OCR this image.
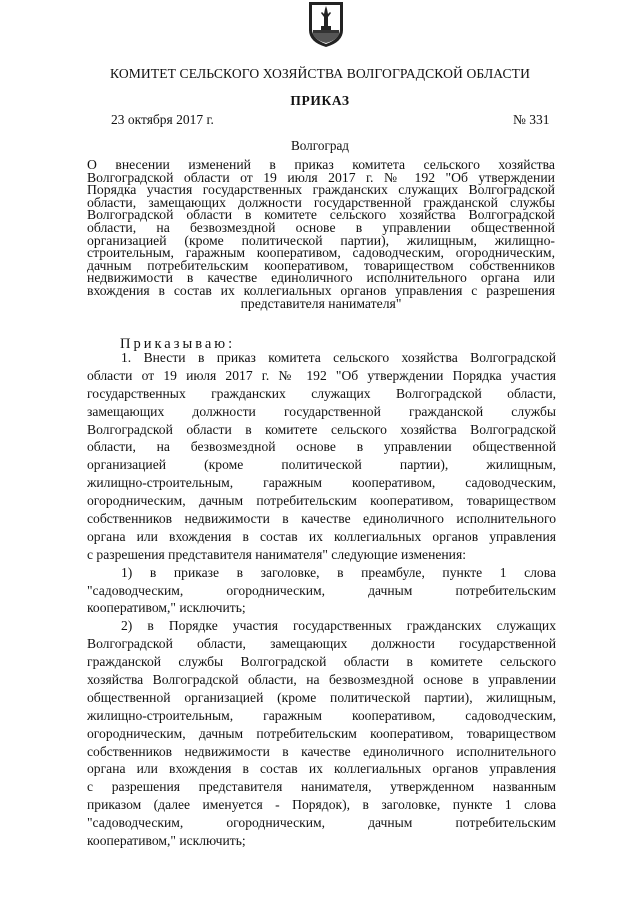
КОМИТЕТ СЕЛЬСКОГО ХОЗЯЙСТВА ВОЛГОГРАДСКОЙ ОБЛАСТИ
ПРИКАЗ
23 октября 2017 г.	№ 331
Волгоград
О внесении изменений в приказ комитета сельского хозяйства
Волгоградской области от 19 июля 2017 г. № 192 "Об утверждении
Порядка участия государственных гражданских служащих Волгоградской
области, замещающих должности государственной гражданской службы
Волгоградской области в комитете сельского хозяйства Волгоградской
области, на безвозмездной основе в управлении общественной
организацией (кроме политической партии), жилищным, жилищно-
строительным, гаражным кооперативом, садоводческим, огородническим,
дачным потребительским кооперативом, товариществом собственников
недвижимости в качестве единоличного исполнительного органа или
вхождения в состав их коллегиальных органов управления с разрешения
представителя нанимателя"
Приказываю:
1. Внести в приказ комитета сельского хозяйства Волгоградской
области от 19 июля 2017 г. № 192 "Об утверждении Порядка участия
государственных гражданских служащих Волгоградской области,
замещающих должности государственной гражданской службы
Волгоградской области в комитете сельского хозяйства Волгоградской
области, на безвозмездной основе в управлении общественной
организацией (кроме политической партии), жилищным,
жилищно-строительным, гаражным кооперативом, садоводческим,
огородническим, дачным потребительским кооперативом, товариществом
собственников недвижимости в качестве единоличного исполнительного
органа или вхождения в состав их коллегиальных органов управления
с разрешения представителя нанимателя" следующие изменения:
1) в приказе в заголовке, в преамбуле, пункте 1 слова
"садоводческим, огородническим, дачным потребительским
кооперативом," исключить;
2) в Порядке участия государственных гражданских служащих
Волгоградской области, замещающих должности государственной
гражданской службы Волгоградской области в комитете сельского
хозяйства Волгоградской области, на безвозмездной основе в управлении
общественной организацией (кроме политической партии), жилищным,
жилищно-строительным, гаражным кооперативом, садоводческим,
огородническим, дачным потребительским кооперативом, товариществом
собственников недвижимости в качестве единоличного исполнительного
органа или вхождения в состав их коллегиальных органов управления
с разрешения представителя нанимателя, утвержденном названным
приказом (далее именуется - Порядок), в заголовке, пункте 1 слова
"садоводческим, огородническим, дачным потребительским
кооперативом," исключить;
